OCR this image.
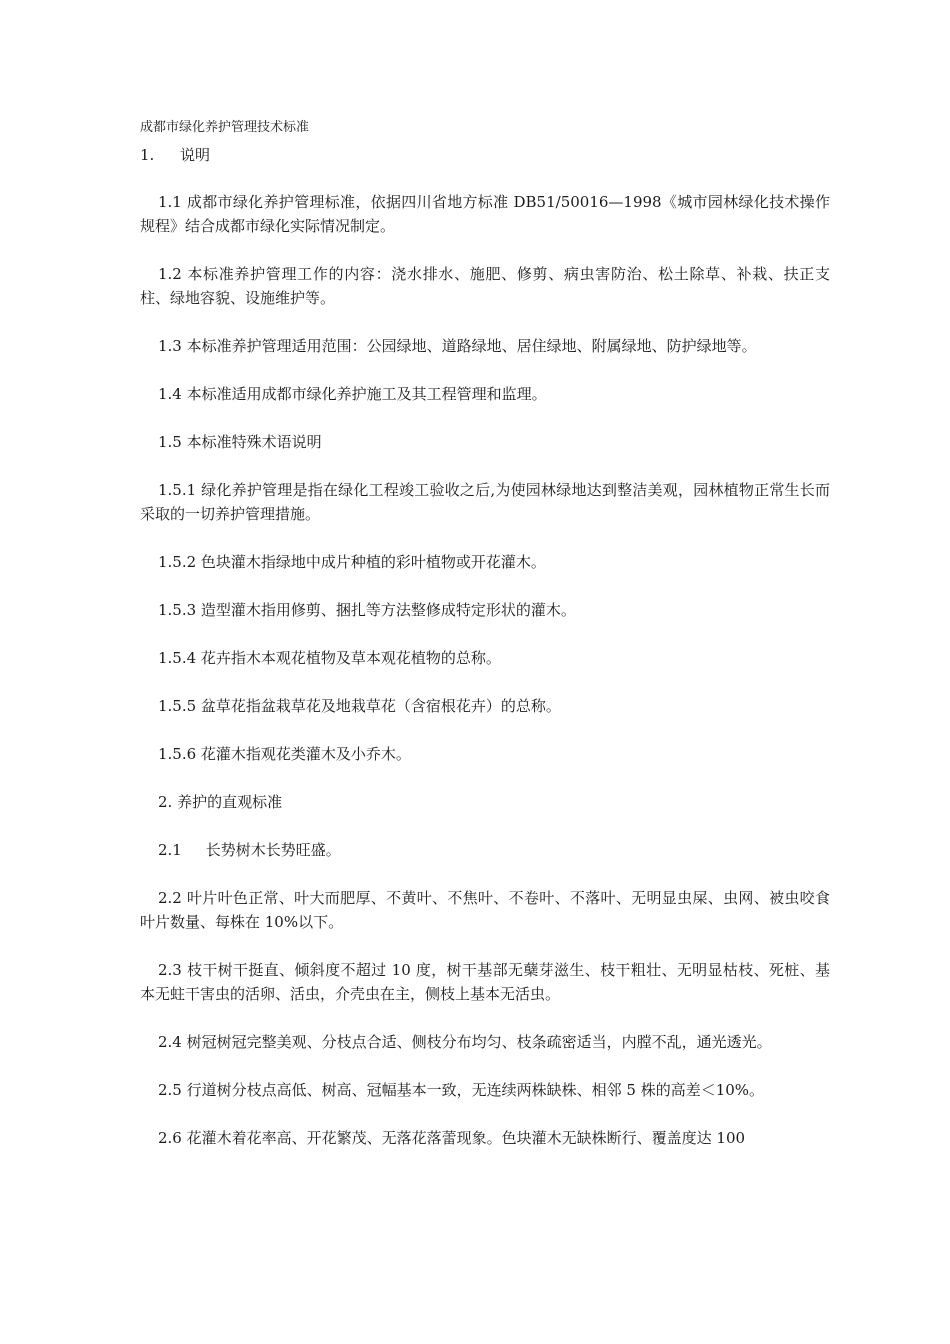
成都市绿化养护管理技术标准
1.	说明

1.1 成都市绿化养护管理标准，依据四川省地方标准 DB51/50016—1998《城市园林绿化技术操作规程》结合成都市绿化实际情况制定。

1.2 本标准养护管理工作的内容：浇水排水、施肥、修剪、病虫害防治、松土除草、补栽、扶正支柱、绿地容貌、设施维护等。

1.3 本标准养护管理适用范围：公园绿地、道路绿地、居住绿地、附属绿地、防护绿地等。

1.4 本标准适用成都市绿化养护施工及其工程管理和监理。

1.5 本标准特殊术语说明

1.5.1 绿化养护管理是指在绿化工程竣工验收之后,为使园林绿地达到整洁美观，园林植物正常生长而采取的一切养护管理措施。

1.5.2 色块灌木指绿地中成片种植的彩叶植物或开花灌木。

1.5.3 造型灌木指用修剪、捆扎等方法整修成特定形状的灌木。

1.5.4 花卉指木本观花植物及草本观花植物的总称。

1.5.5 盆草花指盆栽草花及地栽草花（含宿根花卉）的总称。

1.5.6 花灌木指观花类灌木及小乔木。

2. 养护的直观标准

2.1     长势树木长势旺盛。

2.2 叶片叶色正常、叶大而肥厚、不黄叶、不焦叶、不卷叶、不落叶、无明显虫屎、虫网、被虫咬食叶片数量、每株在 10%以下。

2.3 枝干树干挺直、倾斜度不超过 10 度，树干基部无蘖芽滋生、枝干粗壮、无明显枯枝、死桩、基本无蛀干害虫的活卵、活虫，介壳虫在主，侧枝上基本无活虫。

2.4 树冠树冠完整美观、分枝点合适、侧枝分布均匀、枝条疏密适当，内膛不乱，通光透光。

2.5 行道树分枝点高低、树高、冠幅基本一致，无连续两株缺株、相邻 5 株的高差＜10%。

2.6 花灌木着花率高、开花繁茂、无落花落蕾现象。色块灌木无缺株断行、覆盖度达 100
